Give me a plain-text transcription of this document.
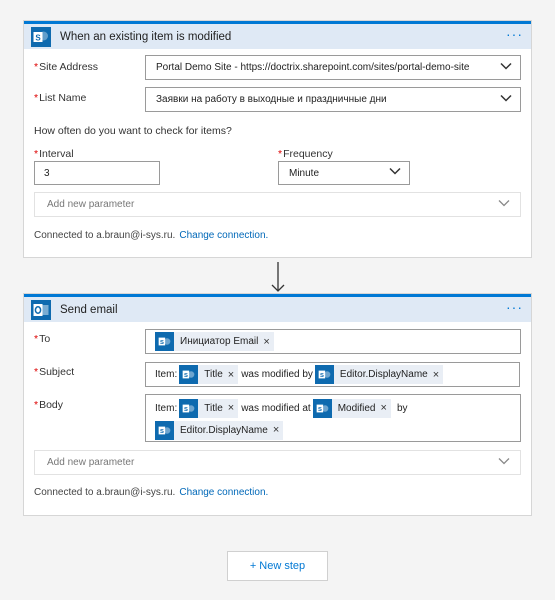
S When an existing item is modified	···
*Site Address	Portal Demo Site - https://doctrix.sharepoint.com/sites/portal-demo-site
*List Name	Заявки на работу в выходные и праздничные дни
How often do you want to check for items?
*Interval
3
*Frequency
Minute
Add new parameter
Connected to a.braun@i-sys.ru. Change connection.
Send email	···
*To	S Инициатор Email ×
*Subject	Item: S Title × was modified by S Editor.DisplayName ×
*Body	Item: S Title × was modified at S Modified × by
S Editor.DisplayName ×
Add new parameter
Connected to a.braun@i-sys.ru. Change connection.
+ New step
